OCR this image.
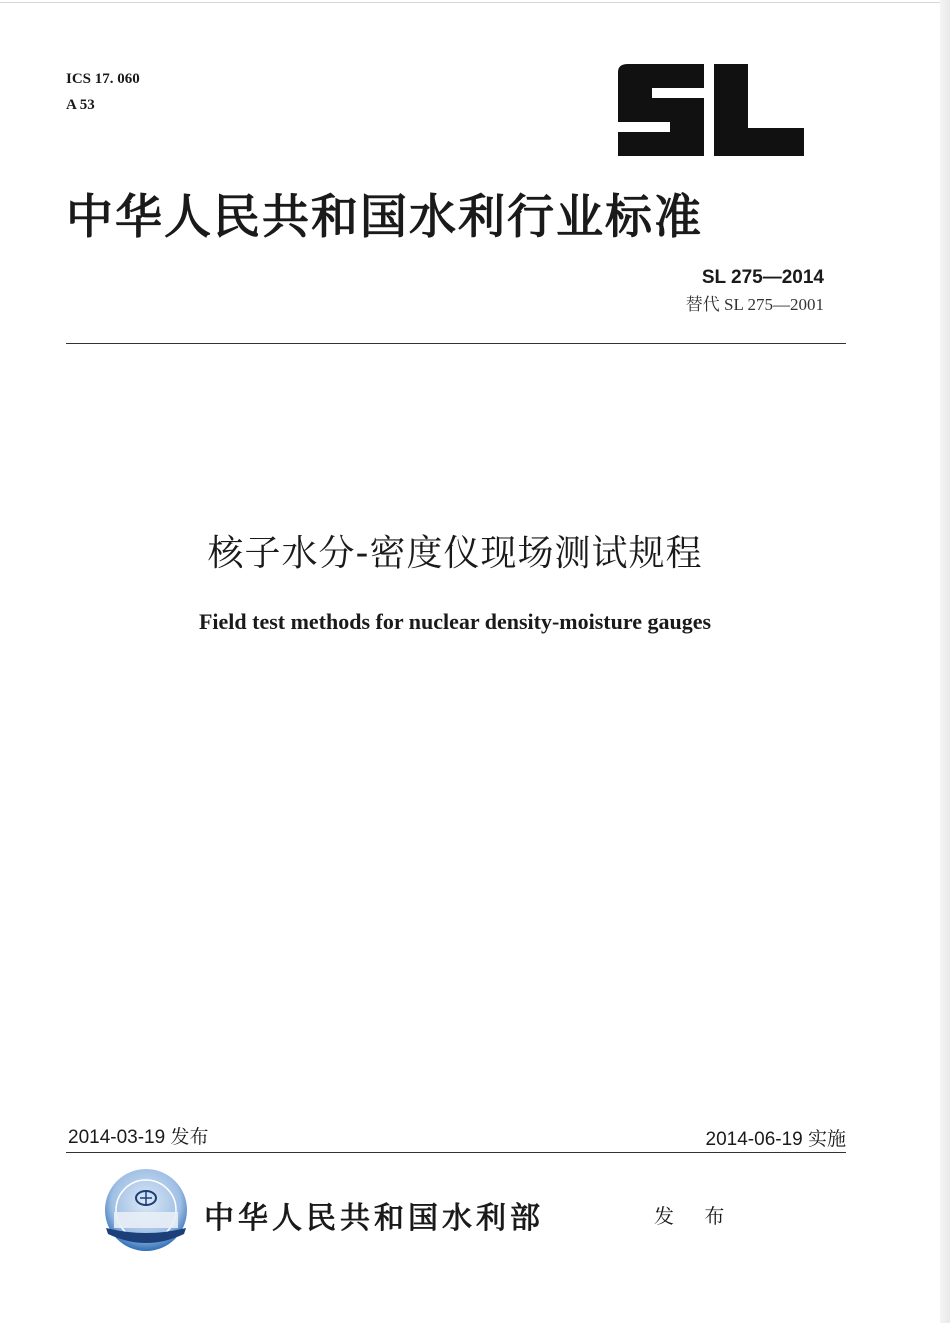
ICS 17. 060
A 53
中华人民共和国水利行业标准
SL 275—2014
替代 SL 275—2001
核子水分-密度仪现场测试规程
Field test methods for nuclear density-moisture gauges
2014-03-19 发布	2014-06-19 实施
中华人民共和国水利部	发 布
